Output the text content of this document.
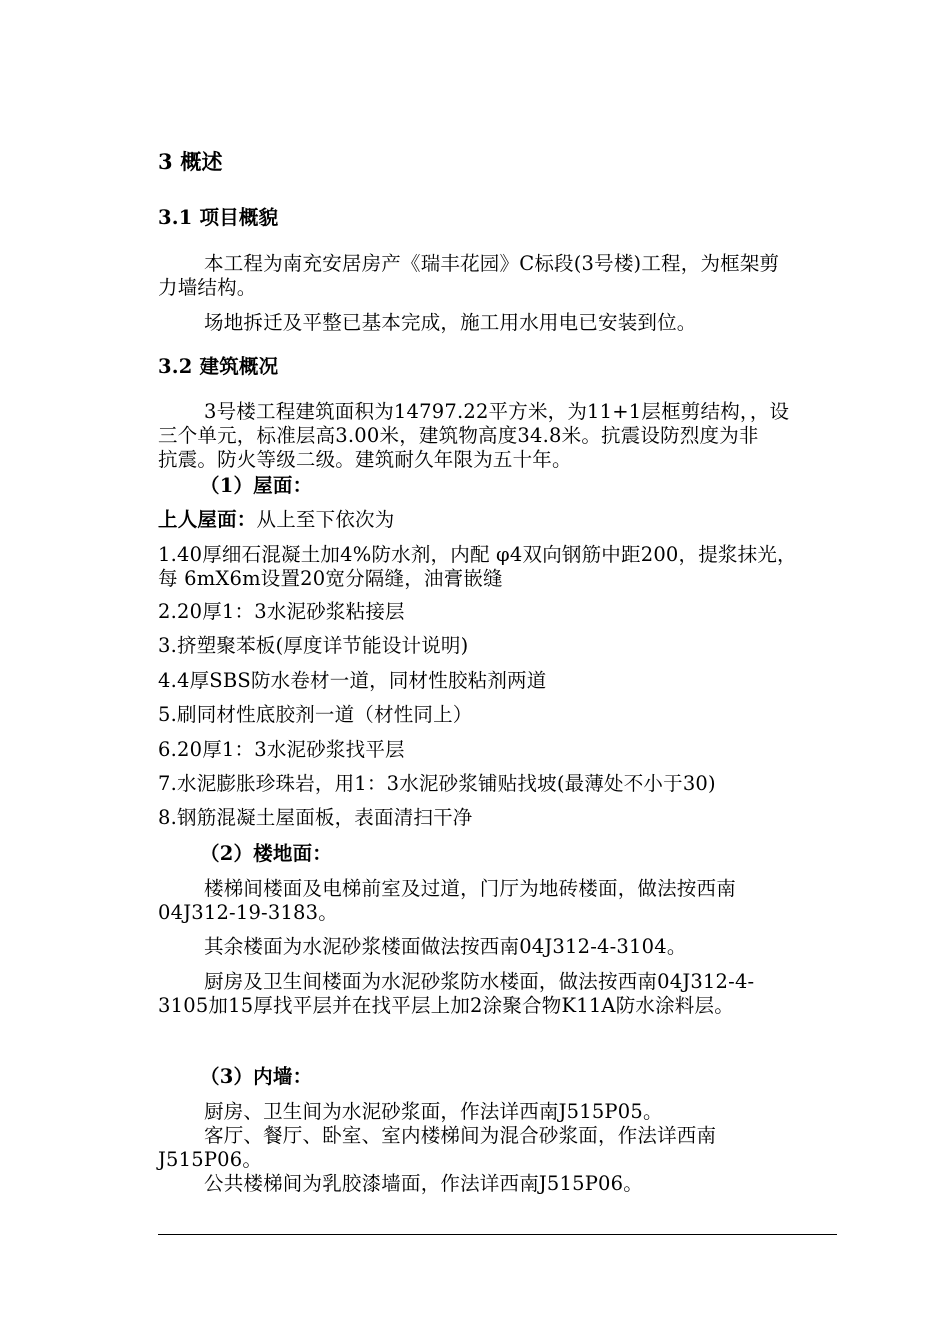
3 概述

3.1 项目概貌

本工程为南充安居房产《瑞丰花园》C标段(3号楼)工程，为框架剪

力墙结构。

场地拆迁及平整已基本完成，施工用水用电已安装到位。

3.2 建筑概况

3号楼工程建筑面积为14797.22平方米，为11+1层框剪结构，，设

三个单元，标准层高3.00米，建筑物高度34.8米。抗震设防烈度为非

抗震。防火等级二级。建筑耐久年限为五十年。

（1）屋面：

上人屋面：从上至下依次为

1.40厚细石混凝土加4%防水剂，内配 φ4双向钢筋中距200，提浆抹光，

每 6mX6m设置20宽分隔缝，油膏嵌缝

2.20厚1：3水泥砂浆粘接层

3.挤塑聚苯板(厚度详节能设计说明)

4.4厚SBS防水卷材一道，同材性胶粘剂两道

5.刷同材性底胶剂一道（材性同上）

6.20厚1：3水泥砂浆找平层

7.水泥膨胀珍珠岩，用1：3水泥砂浆铺贴找坡(最薄处不小于30)

8.钢筋混凝土屋面板，表面清扫干净

（2）楼地面：

楼梯间楼面及电梯前室及过道，门厅为地砖楼面，做法按西南

04J312-19-3183。

其余楼面为水泥砂浆楼面做法按西南04J312-4-3104。

厨房及卫生间楼面为水泥砂浆防水楼面，做法按西南04J312-4-

3105加15厚找平层并在找平层上加2涂聚合物K11A防水涂料层。

（3）内墙：

厨房、卫生间为水泥砂浆面，作法详西南J515P05。

客厅、餐厅、卧室、室内楼梯间为混合砂浆面，作法详西南

J515P06。

公共楼梯间为乳胶漆墙面，作法详西南J515P06。
